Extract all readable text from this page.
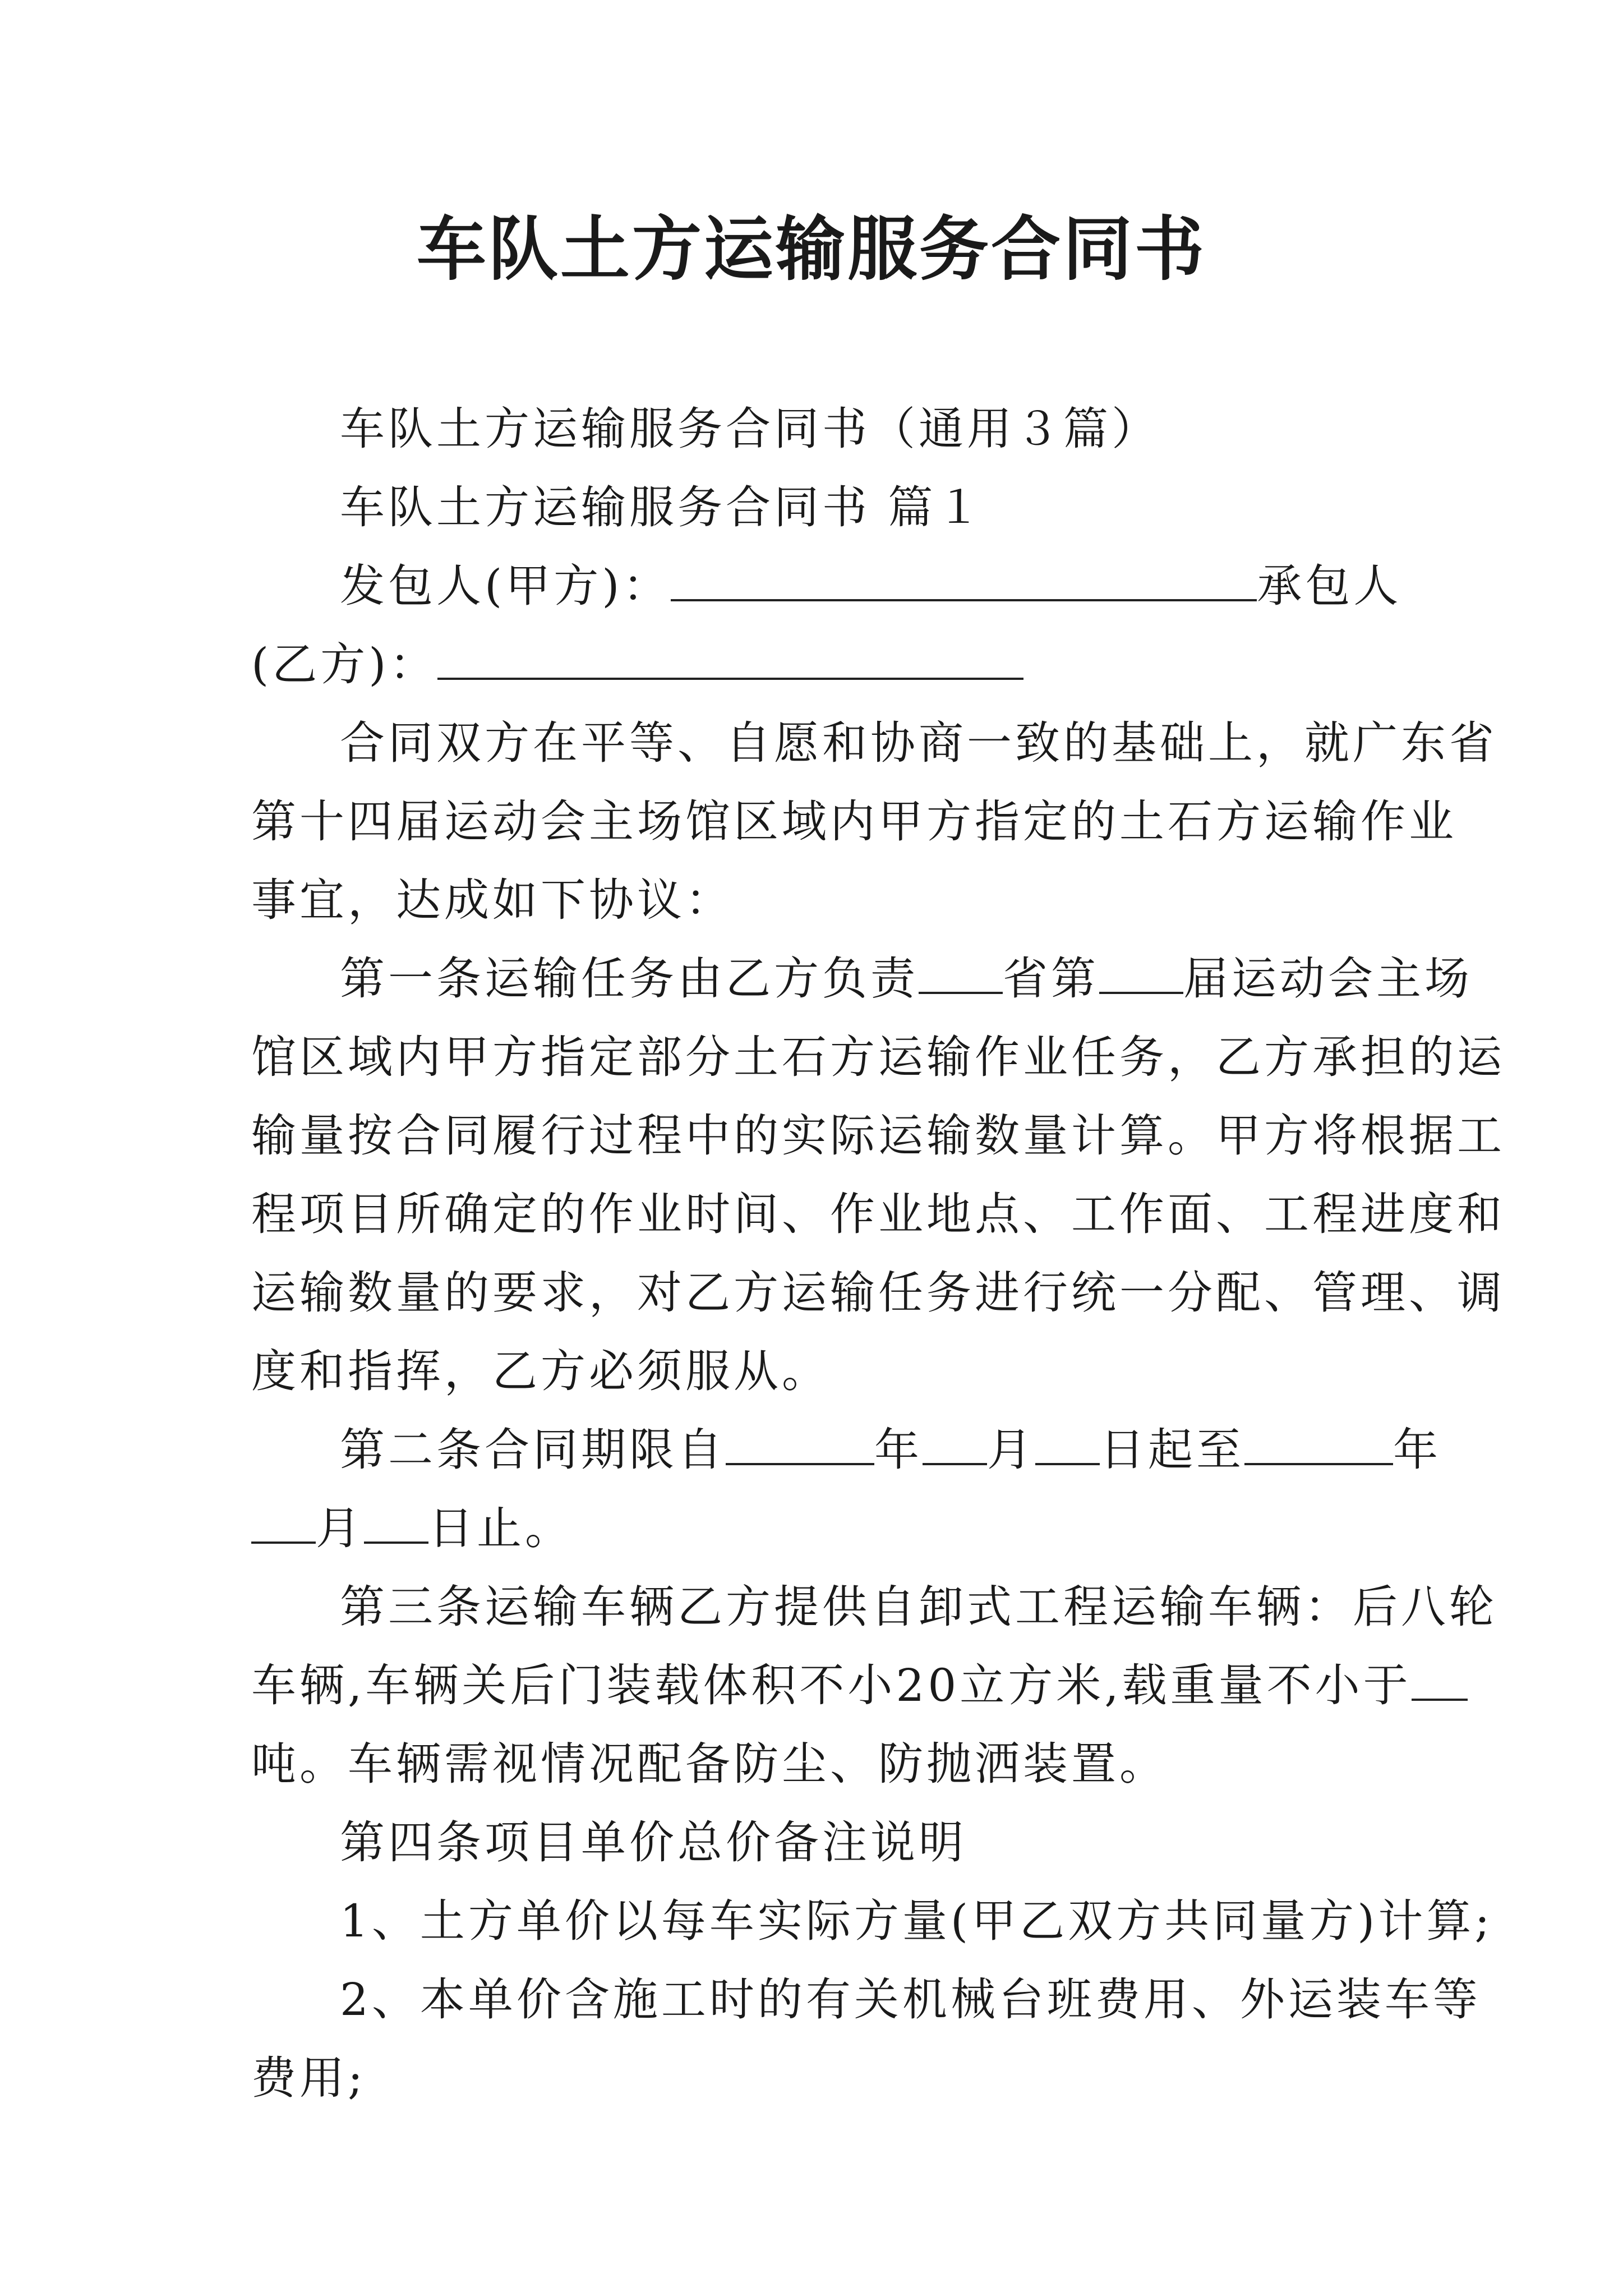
车队土方运输服务合同书
车队土方运输服务合同书（通用３篇）
车队土方运输服务合同书 篇１
发包人(甲方)：	承包人
(乙方)：
合同双方在平等、自愿和协商一致的基础上，就广东省
第十四届运动会主场馆区域内甲方指定的土石方运输作业
事宜，达成如下协议：
第一条运输任务由乙方负责 省第 届运动会主场
馆区域内甲方指定部分土石方运输作业任务，乙方承担的运
输量按合同履行过程中的实际运输数量计算。甲方将根据工
程项目所确定的作业时间、作业地点、工作面、工程进度和
运输数量的要求，对乙方运输任务进行统一分配、管理、调
度和指挥，乙方必须服从。
第二条合同期限自	年 月 日起至	年
月 日止。
第三条运输车辆乙方提供自卸式工程运输车辆：后八轮
车辆,车辆关后门装载体积不小20立方米,载重量不小于
吨。车辆需视情况配备防尘、防抛洒装置。
第四条项目单价总价备注说明
1、土方单价以每车实际方量(甲乙双方共同量方)计算;
2、本单价含施工时的有关机械台班费用、外运装车等
费用;
